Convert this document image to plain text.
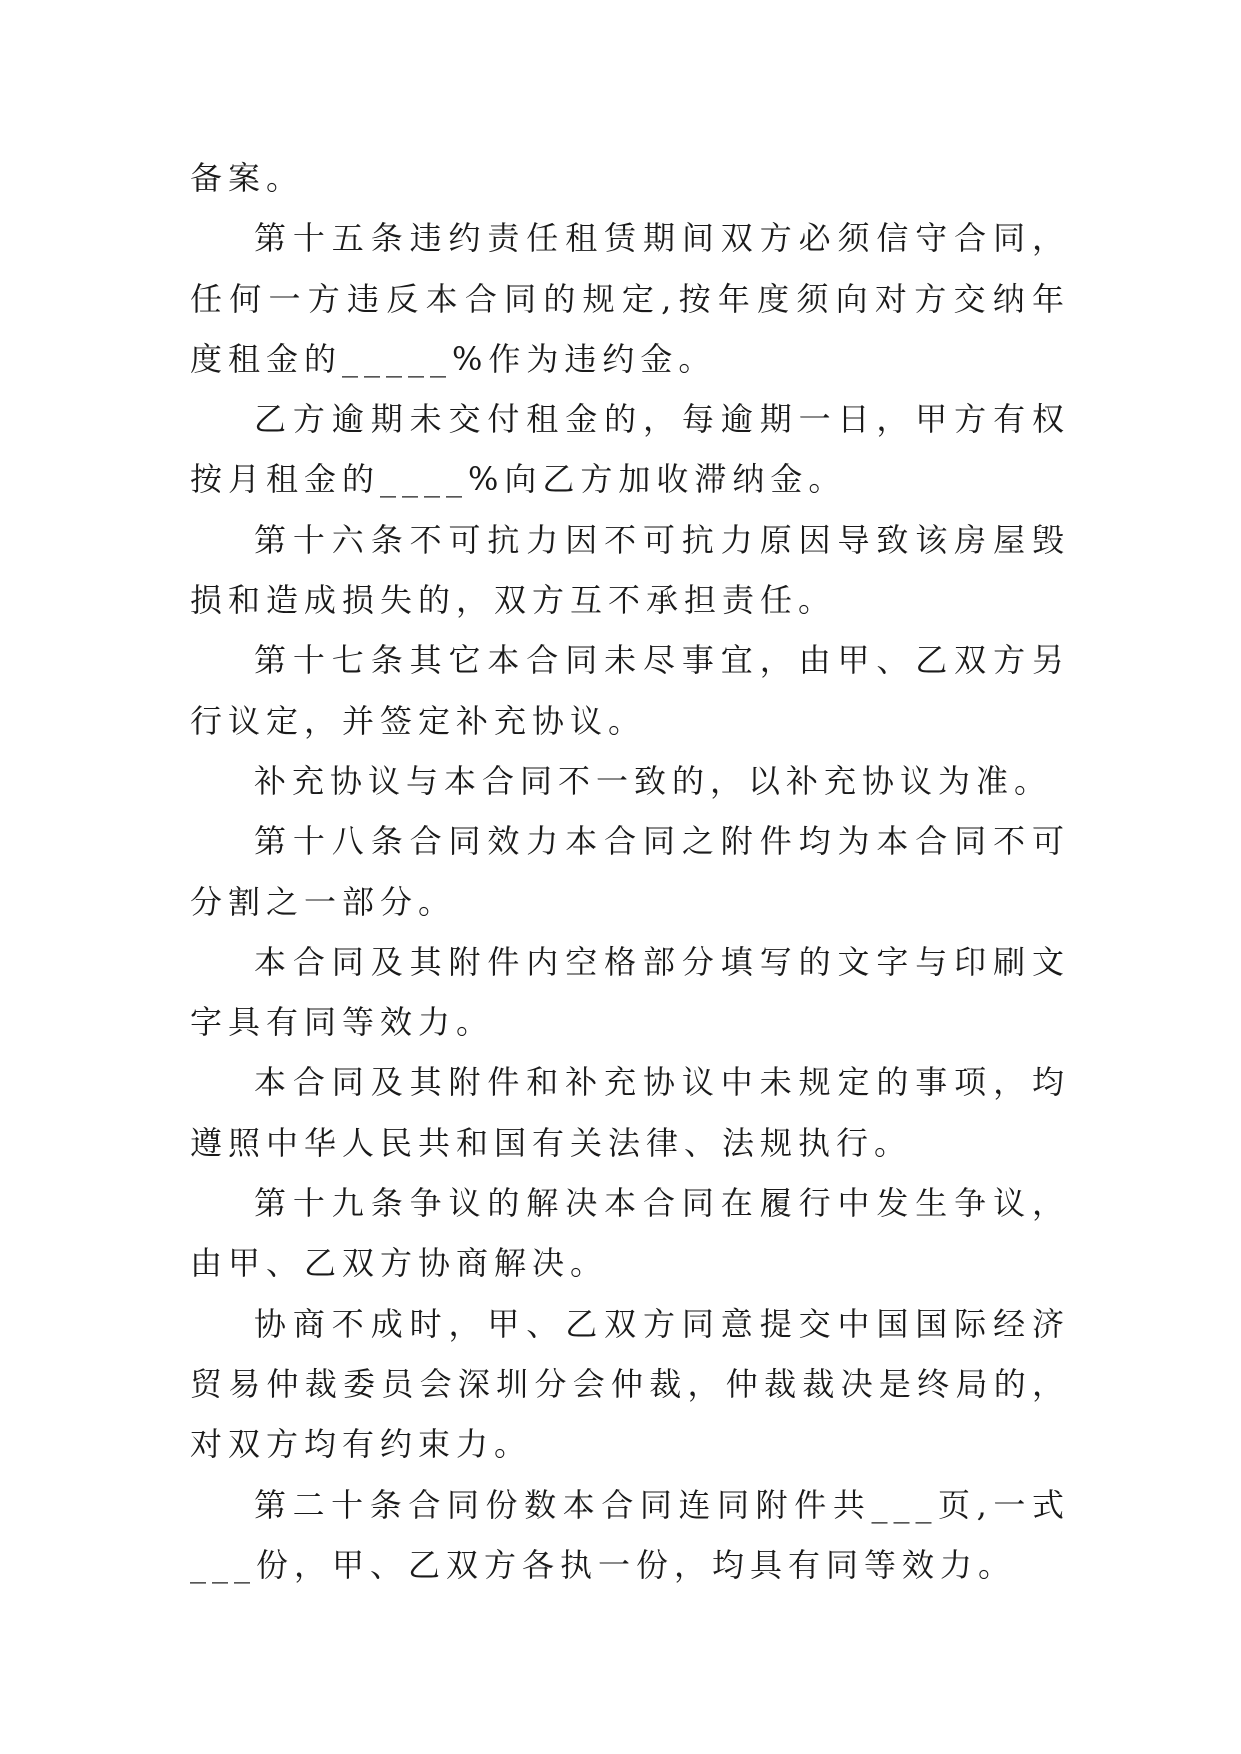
备案。

第十五条违约责任租赁期间双方必须信守合同，任何一方违反本合同的规定,按年度须向对方交纳年度租金的_____%作为违约金。

乙方逾期未交付租金的，每逾期一日，甲方有权按月租金的____%向乙方加收滞纳金。

第十六条不可抗力因不可抗力原因导致该房屋毁损和造成损失的，双方互不承担责任。

第十七条其它本合同未尽事宜，由甲、乙双方另行议定，并签定补充协议。

补充协议与本合同不一致的，以补充协议为准。

第十八条合同效力本合同之附件均为本合同不可分割之一部分。

本合同及其附件内空格部分填写的文字与印刷文字具有同等效力。

本合同及其附件和补充协议中未规定的事项，均遵照中华人民共和国有关法律、法规执行。

第十九条争议的解决本合同在履行中发生争议，由甲、乙双方协商解决。

协商不成时，甲、乙双方同意提交中国国际经济贸易仲裁委员会深圳分会仲裁，仲裁裁决是终局的，对双方均有约束力。

第二十条合同份数本合同连同附件共___页,一式___份，甲、乙双方各执一份，均具有同等效力。
